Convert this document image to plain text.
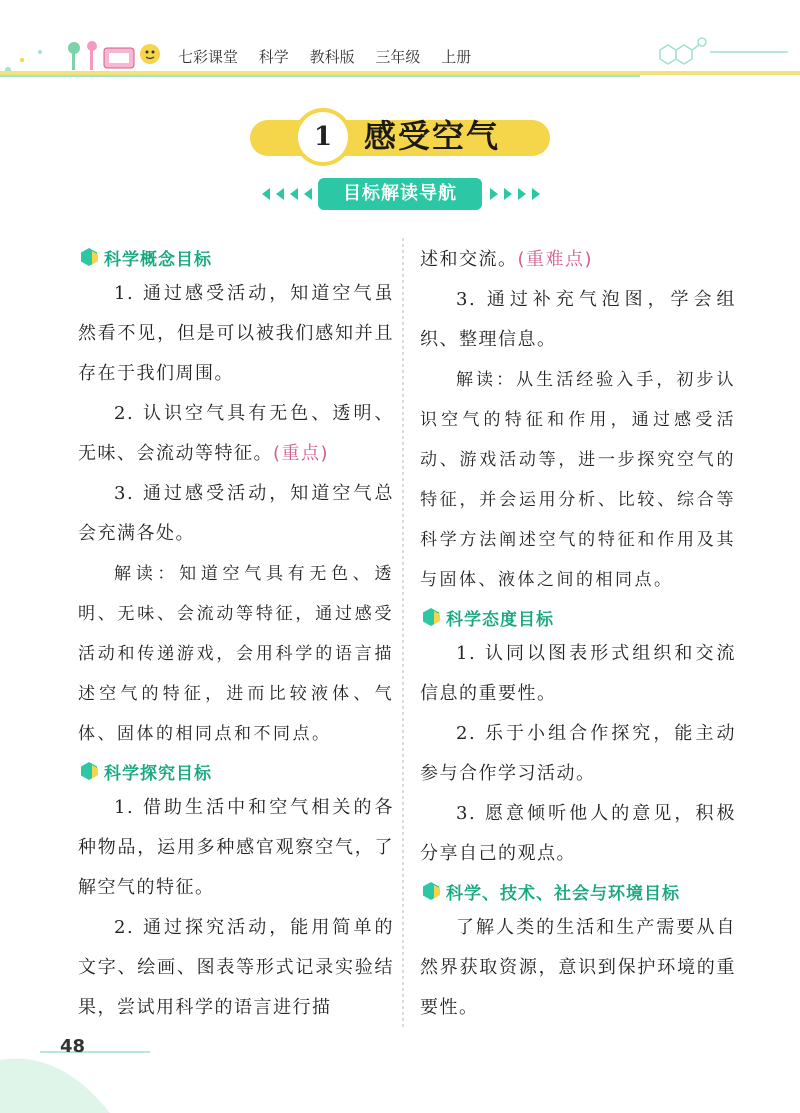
七彩课堂 科学 教科版 三年级 上册
1 感受空气
目标解读导航
科学概念目标

1. 通过感受活动，知道空气虽然看不见，但是可以被我们感知并且存在于我们周围。

2. 认识空气具有无色、透明、无味、会流动等特征。(重点)

3. 通过感受活动，知道空气总会充满各处。

解读：知道空气具有无色、透明、无味、会流动等特征，通过感受活动和传递游戏，会用科学的语言描述空气的特征，进而比较液体、气体、固体的相同点和不同点。

科学探究目标

1. 借助生活中和空气相关的各种物品，运用多种感官观察空气，了解空气的特征。

2. 通过探究活动，能用简单的文字、绘画、图表等形式记录实验结果，尝试用科学的语言进行描

述和交流。(重难点)

3. 通过补充气泡图，学会组织、整理信息。

解读：从生活经验入手，初步认识空气的特征和作用，通过感受活动、游戏活动等，进一步探究空气的特征，并会运用分析、比较、综合等科学方法阐述空气的特征和作用及其与固体、液体之间的相同点。

科学态度目标

1. 认同以图表形式组织和交流信息的重要性。

2. 乐于小组合作探究，能主动参与合作学习活动。

3. 愿意倾听他人的意见，积极分享自己的观点。

科学、技术、社会与环境目标

了解人类的生活和生产需要从自然界获取资源，意识到保护环境的重要性。

48
